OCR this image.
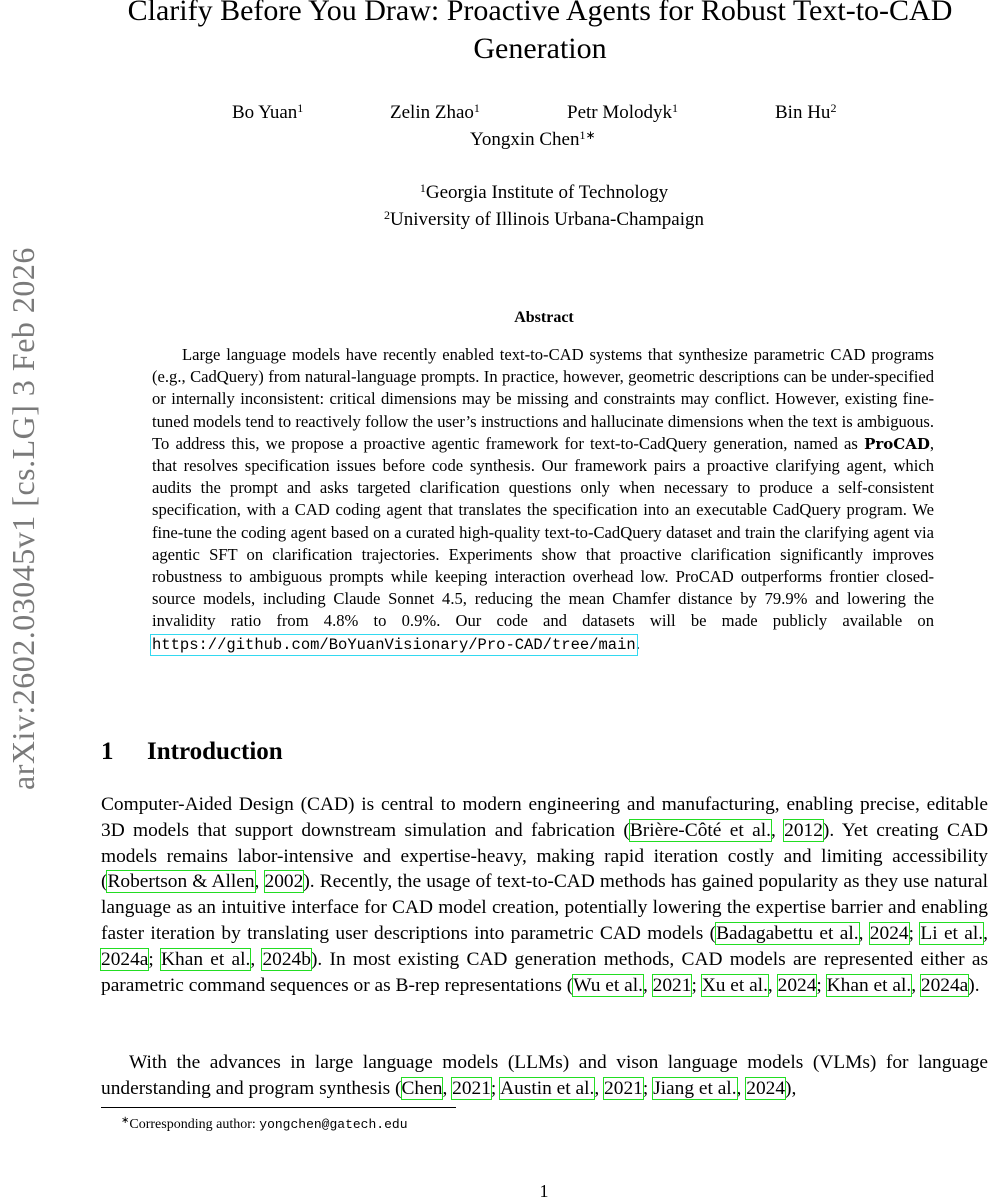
arXiv:2602.03045v1 [cs.LG] 3 Feb 2026
Clarify Before You Draw: Proactive Agents for Robust Text-to-CAD Generation
Bo Yuan$^1$	Zelin Zhao$^1$	Petr Molodyk$^1$	Bin Hu$^2$
Yongxin Chen$^{1∗}$
$^1$Georgia Institute of Technology
$^2$University of Illinois Urbana-Champaign
Abstract

Large language models have recently enabled text-to-CAD systems that synthesize parametric CAD programs (e.g., CadQuery) from natural-language prompts. In practice, however, geometric descriptions can be under-specified or internally inconsistent: critical dimensions may be missing and constraints may conflict. However, existing fine-tuned models tend to reactively follow the user’s instructions and hallucinate dimensions when the text is ambiguous. To address this, we propose a proactive agentic framework for text-to-CadQuery generation, named as ProCAD, that resolves specification issues before code synthesis. Our framework pairs a proactive clarifying agent, which audits the prompt and asks targeted clarification questions only when necessary to produce a self-consistent specification, with a CAD coding agent that translates the specification into an executable CadQuery program. We fine-tune the coding agent based on a curated high-quality text-to-CadQuery dataset and train the clarifying agent via agentic SFT on clarification trajectories. Experiments show that proactive clarification significantly improves robustness to ambiguous prompts while keeping interaction overhead low. ProCAD outperforms frontier closed-source models, including Claude Sonnet 4.5, reducing the mean Chamfer distance by 79.9% and lowering the invalidity ratio from 4.8% to 0.9%. Our code and datasets will be made publicly available on https://github.com/BoYuanVisionary/Pro-CAD/tree/main.

1 Introduction

Computer-Aided Design (CAD) is central to modern engineering and manufacturing, enabling precise, editable 3D models that support downstream simulation and fabrication (Brière-Côté et al., 2012). Yet creating CAD models remains labor-intensive and expertise-heavy, making rapid iteration costly and limiting accessibility (Robertson & Allen, 2002). Recently, the usage of text-to-CAD methods has gained popularity as they use natural language as an intuitive interface for CAD model creation, potentially lowering the expertise barrier and enabling faster iteration by translating user descriptions into parametric CAD models (Badagabettu et al., 2024; Li et al., 2024a; Khan et al., 2024b). In most existing CAD generation methods, CAD models are represented either as parametric command sequences or as B-rep representations (Wu et al., 2021; Xu et al., 2024; Khan et al., 2024a).

With the advances in large language models (LLMs) and vison language models (VLMs) for language understanding and program synthesis (Chen, 2021; Austin et al., 2021; Jiang et al., 2024),

∗Corresponding author: yongchen@gatech.edu
1
